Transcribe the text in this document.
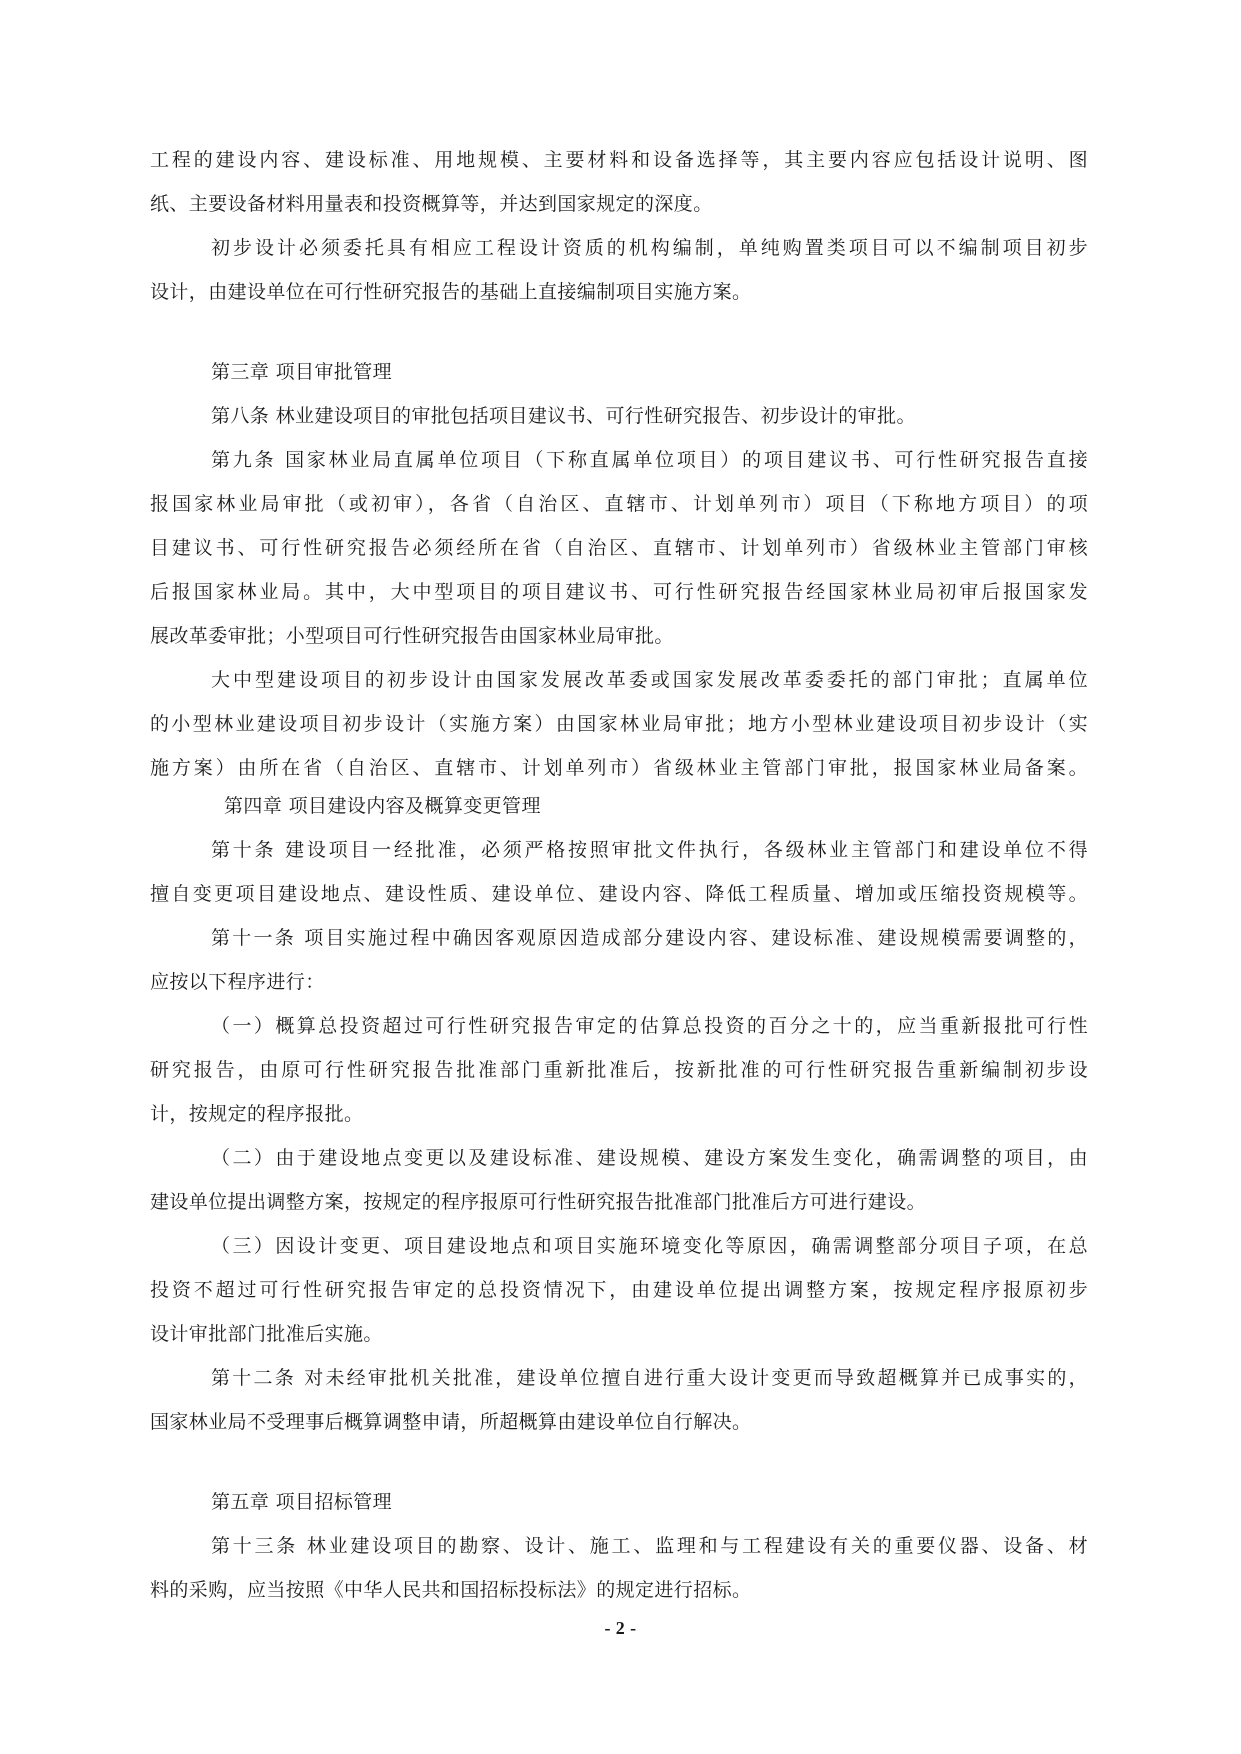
工程的建设内容、建设标准、用地规模、主要材料和设备选择等，其主要内容应包括设计说明、图
纸、主要设备材料用量表和投资概算等，并达到国家规定的深度。
初步设计必须委托具有相应工程设计资质的机构编制，单纯购置类项目可以不编制项目初步
设计，由建设单位在可行性研究报告的基础上直接编制项目实施方案。
第三章 项目审批管理
第八条 林业建设项目的审批包括项目建议书、可行性研究报告、初步设计的审批。
第九条 国家林业局直属单位项目（下称直属单位项目）的项目建议书、可行性研究报告直接
报国家林业局审批（或初审），各省（自治区、直辖市、计划单列市）项目（下称地方项目）的项
目建议书、可行性研究报告必须经所在省（自治区、直辖市、计划单列市）省级林业主管部门审核
后报国家林业局。其中，大中型项目的项目建议书、可行性研究报告经国家林业局初审后报国家发
展改革委审批；小型项目可行性研究报告由国家林业局审批。
大中型建设项目的初步设计由国家发展改革委或国家发展改革委委托的部门审批；直属单位
的小型林业建设项目初步设计（实施方案）由国家林业局审批；地方小型林业建设项目初步设计（实
施方案）由所在省（自治区、直辖市、计划单列市）省级林业主管部门审批，报国家林业局备案。
第四章 项目建设内容及概算变更管理
第十条 建设项目一经批准，必须严格按照审批文件执行，各级林业主管部门和建设单位不得
擅自变更项目建设地点、建设性质、建设单位、建设内容、降低工程质量、增加或压缩投资规模等。
第十一条 项目实施过程中确因客观原因造成部分建设内容、建设标准、建设规模需要调整的，
应按以下程序进行：
（一）概算总投资超过可行性研究报告审定的估算总投资的百分之十的，应当重新报批可行性
研究报告，由原可行性研究报告批准部门重新批准后，按新批准的可行性研究报告重新编制初步设
计，按规定的程序报批。
（二）由于建设地点变更以及建设标准、建设规模、建设方案发生变化，确需调整的项目，由
建设单位提出调整方案，按规定的程序报原可行性研究报告批准部门批准后方可进行建设。
（三）因设计变更、项目建设地点和项目实施环境变化等原因，确需调整部分项目子项，在总
投资不超过可行性研究报告审定的总投资情况下，由建设单位提出调整方案，按规定程序报原初步
设计审批部门批准后实施。
第十二条 对未经审批机关批准，建设单位擅自进行重大设计变更而导致超概算并已成事实的，
国家林业局不受理事后概算调整申请，所超概算由建设单位自行解决。
第五章 项目招标管理
第十三条 林业建设项目的勘察、设计、施工、监理和与工程建设有关的重要仪器、设备、材
料的采购，应当按照《中华人民共和国招标投标法》的规定进行招标。
- 2 -
